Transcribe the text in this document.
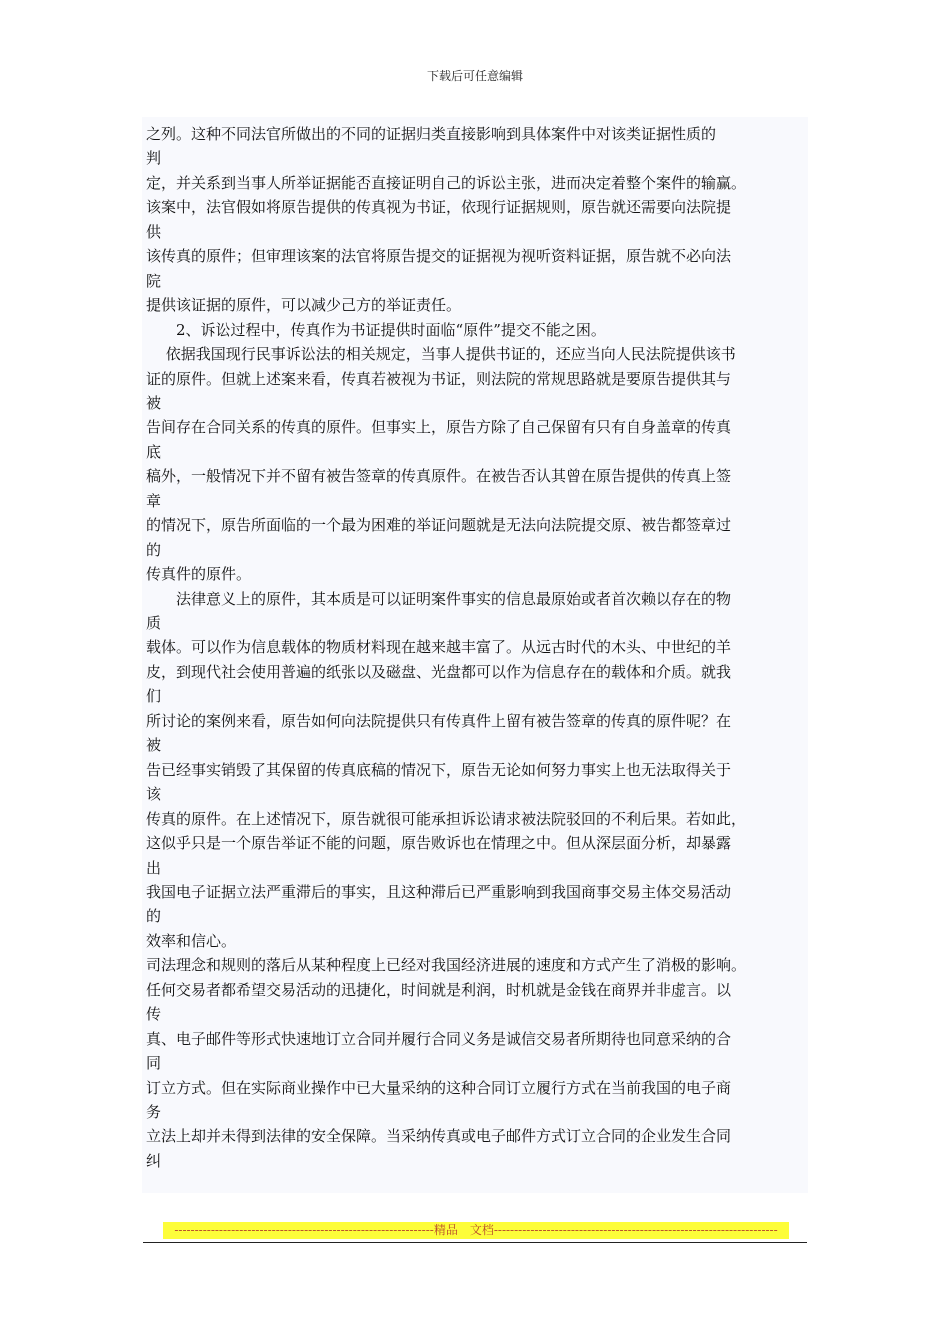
下载后可任意编辑
之列。这种不同法官所做出的不同的证据归类直接影响到具体案件中对该类证据性质的
判
定，并关系到当事人所举证据能否直接证明自己的诉讼主张，进而决定着整个案件的输赢。
该案中，法官假如将原告提供的传真视为书证，依现行证据规则，原告就还需要向法院提
供
该传真的原件；但审理该案的法官将原告提交的证据视为视听资料证据，原告就不必向法
院
提供该证据的原件，可以减少己方的举证责任。
　　2、诉讼过程中，传真作为书证提供时面临“原件”提交不能之困。
　 依据我国现行民事诉讼法的相关规定，当事人提供书证的，还应当向人民法院提供该书
证的原件。但就上述案来看，传真若被视为书证，则法院的常规思路就是要原告提供其与
被
告间存在合同关系的传真的原件。但事实上，原告方除了自己保留有只有自身盖章的传真
底
稿外，一般情况下并不留有被告签章的传真原件。在被告否认其曾在原告提供的传真上签
章
的情况下，原告所面临的一个最为困难的举证问题就是无法向法院提交原、被告都签章过
的
传真件的原件。
　　法律意义上的原件，其本质是可以证明案件事实的信息最原始或者首次赖以存在的物
质
载体。可以作为信息载体的物质材料现在越来越丰富了。从远古时代的木头、中世纪的羊
皮，到现代社会使用普遍的纸张以及磁盘、光盘都可以作为信息存在的载体和介质。就我
们
所讨论的案例来看，原告如何向法院提供只有传真件上留有被告签章的传真的原件呢？在
被
告已经事实销毁了其保留的传真底稿的情况下，原告无论如何努力事实上也无法取得关于
该
传真的原件。在上述情况下，原告就很可能承担诉讼请求被法院驳回的不利后果。若如此，
这似乎只是一个原告举证不能的问题，原告败诉也在情理之中。但从深层面分析，却暴露
出
我国电子证据立法严重滞后的事实，且这种滞后已严重影响到我国商事交易主体交易活动
的
效率和信心。
司法理念和规则的落后从某种程度上已经对我国经济进展的速度和方式产生了消极的影响。
任何交易者都希望交易活动的迅捷化，时间就是利润，时机就是金钱在商界并非虚言。以
传
真、电子邮件等形式快速地订立合同并履行合同义务是诚信交易者所期待也同意采纳的合
同
订立方式。但在实际商业操作中已大量采纳的这种合同订立履行方式在当前我国的电子商
务
立法上却并未得到法律的安全保障。当采纳传真或电子邮件方式订立合同的企业发生合同
纠
----------------------------------------------------------------精品　文档----------------------------------------------------------------------
